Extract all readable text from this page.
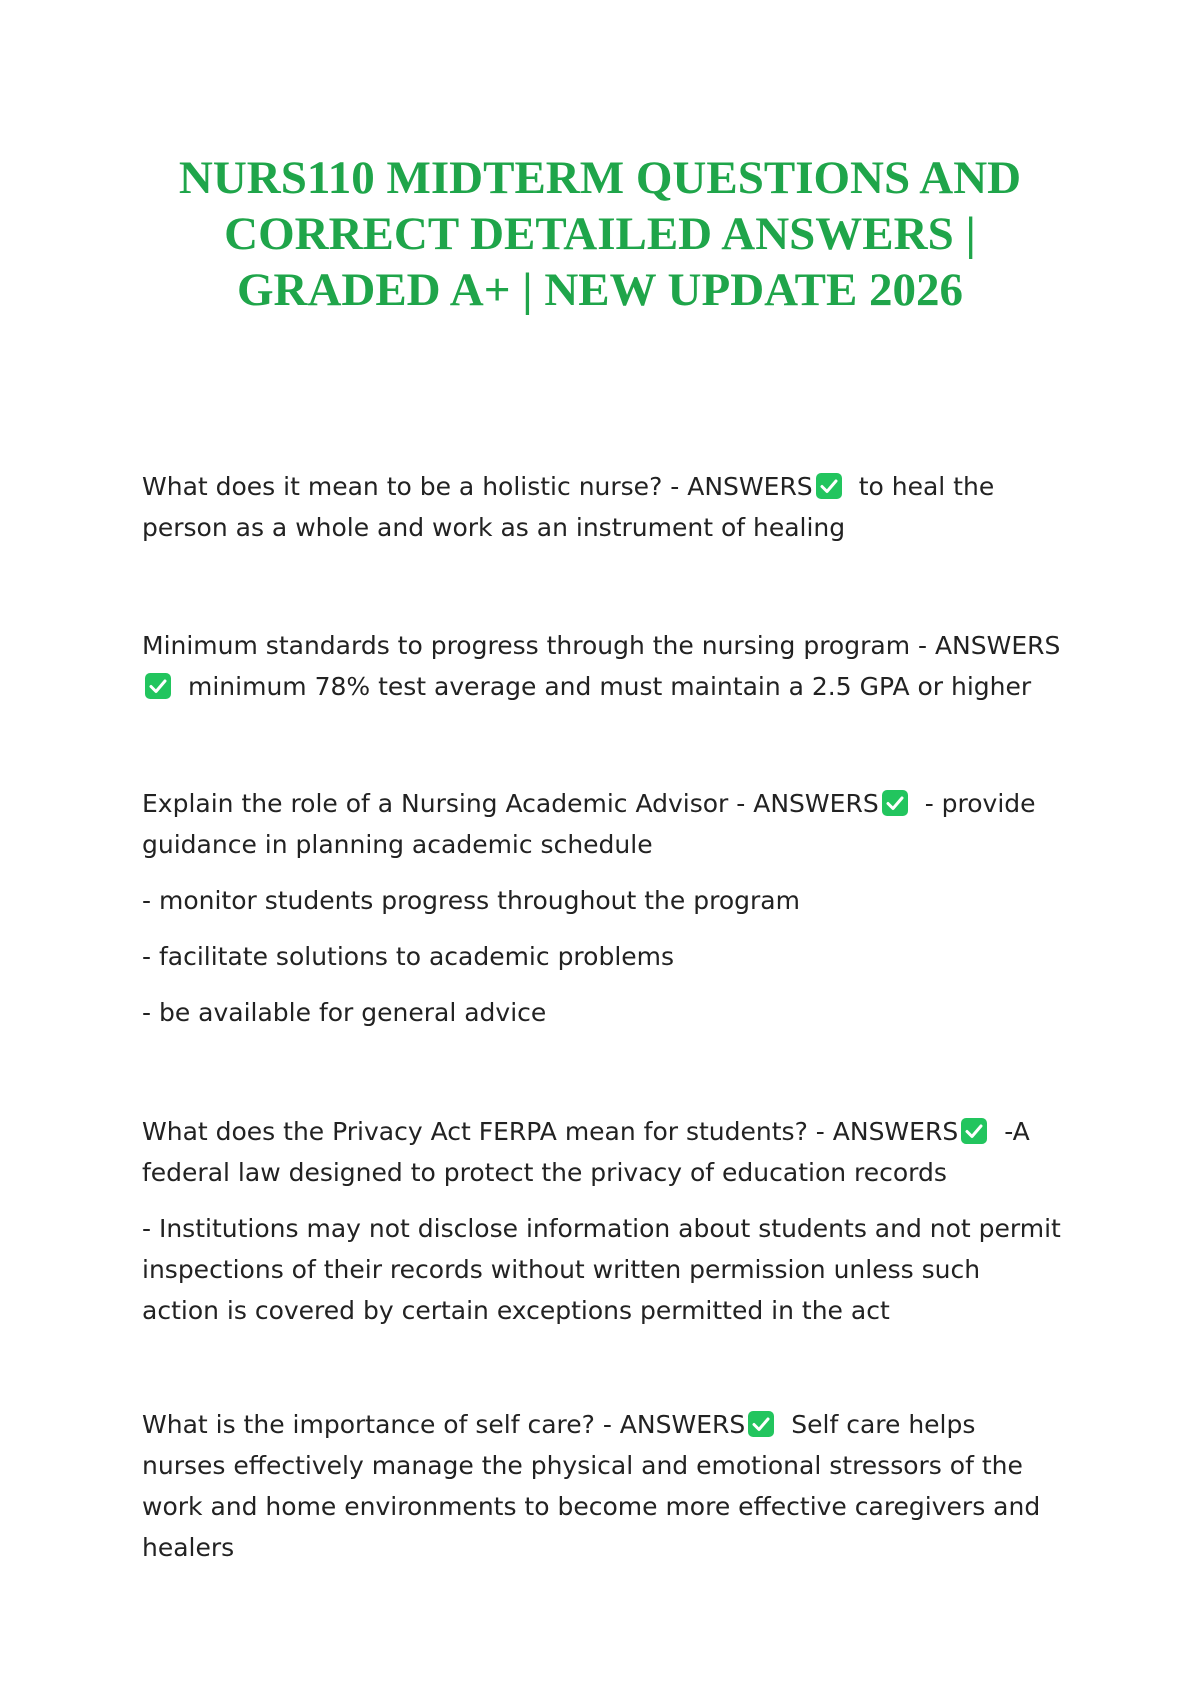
NURS110 MIDTERM QUESTIONS AND CORRECT DETAILED ANSWERS | GRADED A+ | NEW UPDATE 2026

What does it mean to be a holistic nurse? - ANSWERS to heal the person as a whole and work as an instrument of healing

Minimum standards to progress through the nursing program - ANSWERS
minimum 78% test average and must maintain a 2.5 GPA or higher

Explain the role of a Nursing Academic Advisor - ANSWERS - provide guidance in planning academic schedule

- monitor students progress throughout the program

- facilitate solutions to academic problems

- be available for general advice

What does the Privacy Act FERPA mean for students? - ANSWERS -A federal law designed to protect the privacy of education records

- Institutions may not disclose information about students and not permit inspections of their records without written permission unless such action is covered by certain exceptions permitted in the act

What is the importance of self care? - ANSWERS Self care helps nurses effectively manage the physical and emotional stressors of the work and home environments to become more effective caregivers and healers
